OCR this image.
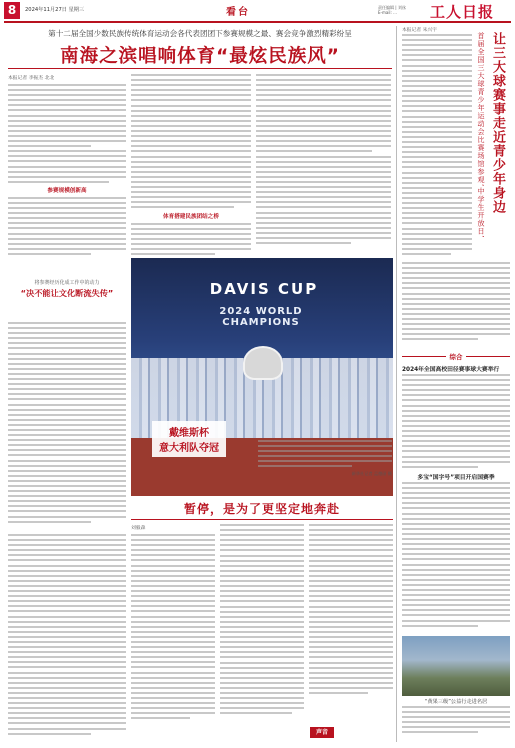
8	2024年11月27日 星期三	看台	责任编辑 | 刘丝
E-mail: ...	工人日报
第十二届全国少数民族传统体育运动会各代表团团下参赛规模之最、赛会竞争激烈精彩纷呈
南海之滨唱响体育“最炫民族风”
本报记者 李振杰 北北
参赛规模创新高
体育搭建民族团结之桥
将参赛经历化成工作中的动力
“决不能让文化断流失传”	DAVIS CUP
2024 WORLD CHAMPIONS
戴维斯杯
意大利队夺冠
新华社记者 孟德丽 摄
暂停，是为了更坚定地奔赴
刘毅森
声音
本报记者 朱兴宇
让三大球赛事走近青少年身边
首届全国三大球青少年运动会比赛场馆参观‘中学生开放日’
综合
2024年全国高校田径赛事球大赛举行
多宝“国字号”项目开启国赛季
“黄果三级”公益行走进名居
